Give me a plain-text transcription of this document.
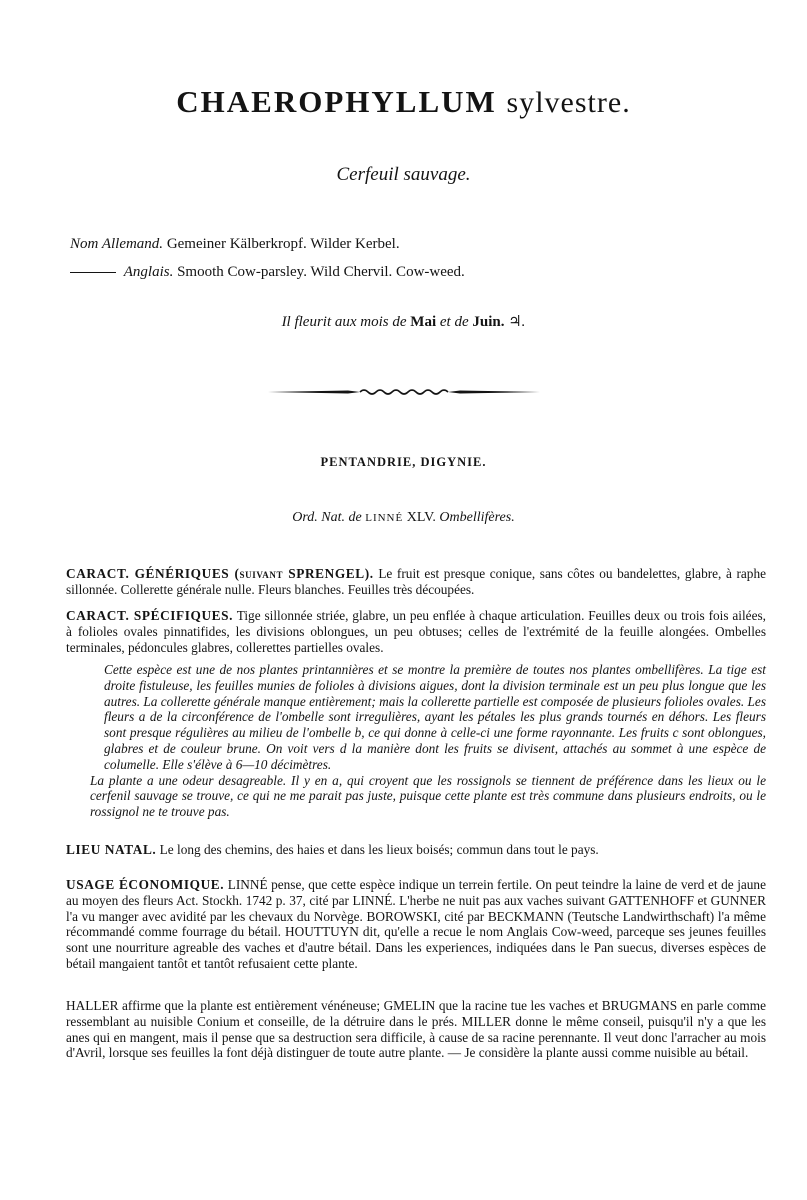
CHAEROPHYLLUM sylvestre.
Cerfeuil sauvage.
Nom Allemand. Gemeiner Kälberkropf. Wilder Kerbel.
Anglais. Smooth Cow-parsley. Wild Chervil. Cow-weed.
Il fleurit aux mois de Mai et de Juin. ♃.
PENTANDRIE, DIGYNIE.
Ord. Nat. de LINNÉ XLV. Ombellifères.

CARACT. GÉNÉRIQUES (suivant SPRENGEL). Le fruit est presque conique, sans côtes ou bandelettes, glabre, à raphe sillonnée. Collerette générale nulle. Fleurs blanches. Feuilles très découpées.

CARACT. SPÉCIFIQUES. Tige sillonnée striée, glabre, un peu enflée à chaque articulation. Feuilles deux ou trois fois ailées, à folioles ovales pinnatifides, les divisions oblongues, un peu obtuses; celles de l'extrémité de la feuille alongées. Ombelles terminales, pédoncules glabres, collerettes partielles ovales.

Cette espèce est une de nos plantes printannières et se montre la première de toutes nos plantes ombellifères. La tige est droite fistuleuse, les feuilles munies de folioles à divisions aigues, dont la division terminale est un peu plus longue que les autres. La collerette générale manque entièrement; mais la collerette partielle est composée de plusieurs folioles ovales. Les fleurs a de la circonférence de l'ombelle sont irregulières, ayant les pétales les plus grands tournés en déhors. Les fleurs sont presque régulières au milieu de l'ombelle b, ce qui donne à celle-ci une forme rayonnante. Les fruits c sont oblongues, glabres et de couleur brune. On voit vers d la manière dont les fruits se divisent, attachés au sommet à une espèce de columelle. Elle s'élève à 6—10 décimètres.

La plante a une odeur desagreable. Il y en a, qui croyent que les rossignols se tiennent de préférence dans les lieux ou le cerfenil sauvage se trouve, ce qui ne me parait pas juste, puisque cette plante est très commune dans plusieurs endroits, ou le rossignol ne te trouve pas.

LIEU NATAL. Le long des chemins, des haies et dans les lieux boisés; commun dans tout le pays.

USAGE ÉCONOMIQUE. LINNÉ pense, que cette espèce indique un terrein fertile. On peut teindre la laine de verd et de jaune au moyen des fleurs Act. Stockh. 1742 p. 37, cité par LINNÉ. L'herbe ne nuit pas aux vaches suivant GATTENHOFF et GUNNER l'a vu manger avec avidité par les chevaux du Norvège. BOROWSKI, cité par BECKMANN (Teutsche Landwirthschaft) l'a même récommandé comme fourrage du bétail. HOUTTUYN dit, qu'elle a recue le nom Anglais Cow-weed, parceque ses jeunes feuilles sont une nourriture agreable des vaches et d'autre bétail. Dans les experiences, indiquées dans le Pan suecus, diverses espèces de bétail mangaient tantôt et tantôt refusaient cette plante.

HALLER affirme que la plante est entièrement vénéneuse; GMELIN que la racine tue les vaches et BRUGMANS en parle comme ressemblant au nuisible Conium et conseille, de la détruire dans le prés. MILLER donne le même conseil, puisqu'il n'y a que les anes qui en mangent, mais il pense que sa destruction sera difficile, à cause de sa racine perennante. Il veut donc l'arracher au mois d'Avril, lorsque ses feuilles la font déjà distinguer de toute autre plante. — Je considère la plante aussi comme nuisible au bétail.
